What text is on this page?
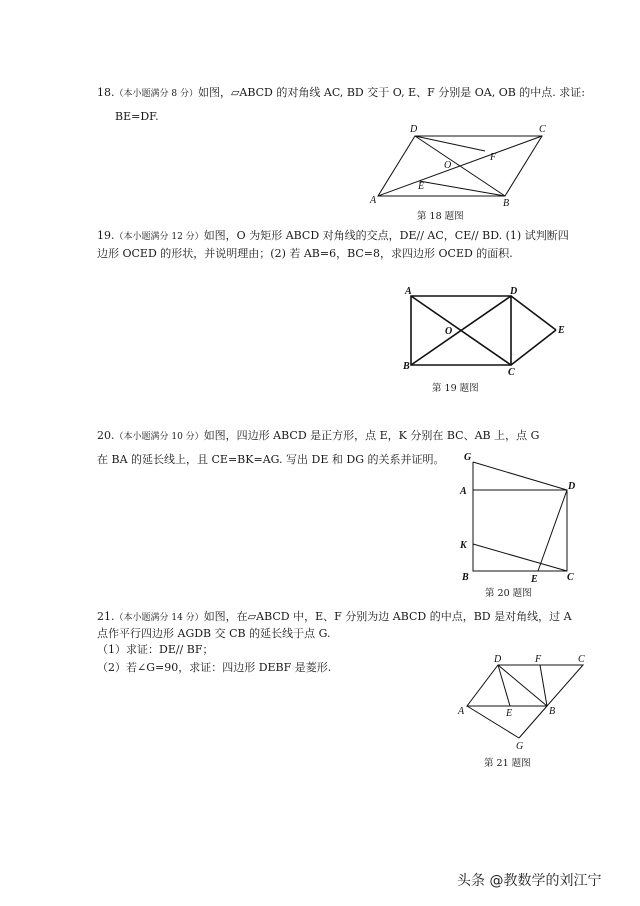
18.（本小题满分 8 分）如图，▱ABCD 的对角线 AC, BD 交于 O, E、F 分别是 OA, OB 的中点. 求证:
BE=DF.
D	C
A	B
O
E
F
第 18 题图
19.（本小题满分 12 分）如图，O 为矩形 ABCD 对角线的交点，DE// AC，CE// BD. (1) 试判断四
边形 OCED 的形状，并说明理由；(2) 若 AB=6，BC=8，求四边形 OCED 的面积.
A	D
B
C
O	E
第 19 题图
20.（本小题满分 10 分）如图，四边形 ABCD 是正方形，点 E，K 分别在 BC、AB 上，点 G
在 BA 的延长线上，且 CE=BK=AG. 写出 DE 和 DG 的关系并证明。 G
A	D
K
B	E	C
第 20 题图
21.（本小题满分 14 分）如图，在▱ABCD 中，E、F 分别为边 ABCD 的中点，BD 是对角线，过 A
点作平行四边形 AGDB 交 CB 的延长线于点 G.
（1）求证：DE// BF；
（2）若∠G=90，求证：四边形 DEBF 是菱形.
D	F	C
A	E	B
G
第 21 题图
头条 @教数学的刘江宁
